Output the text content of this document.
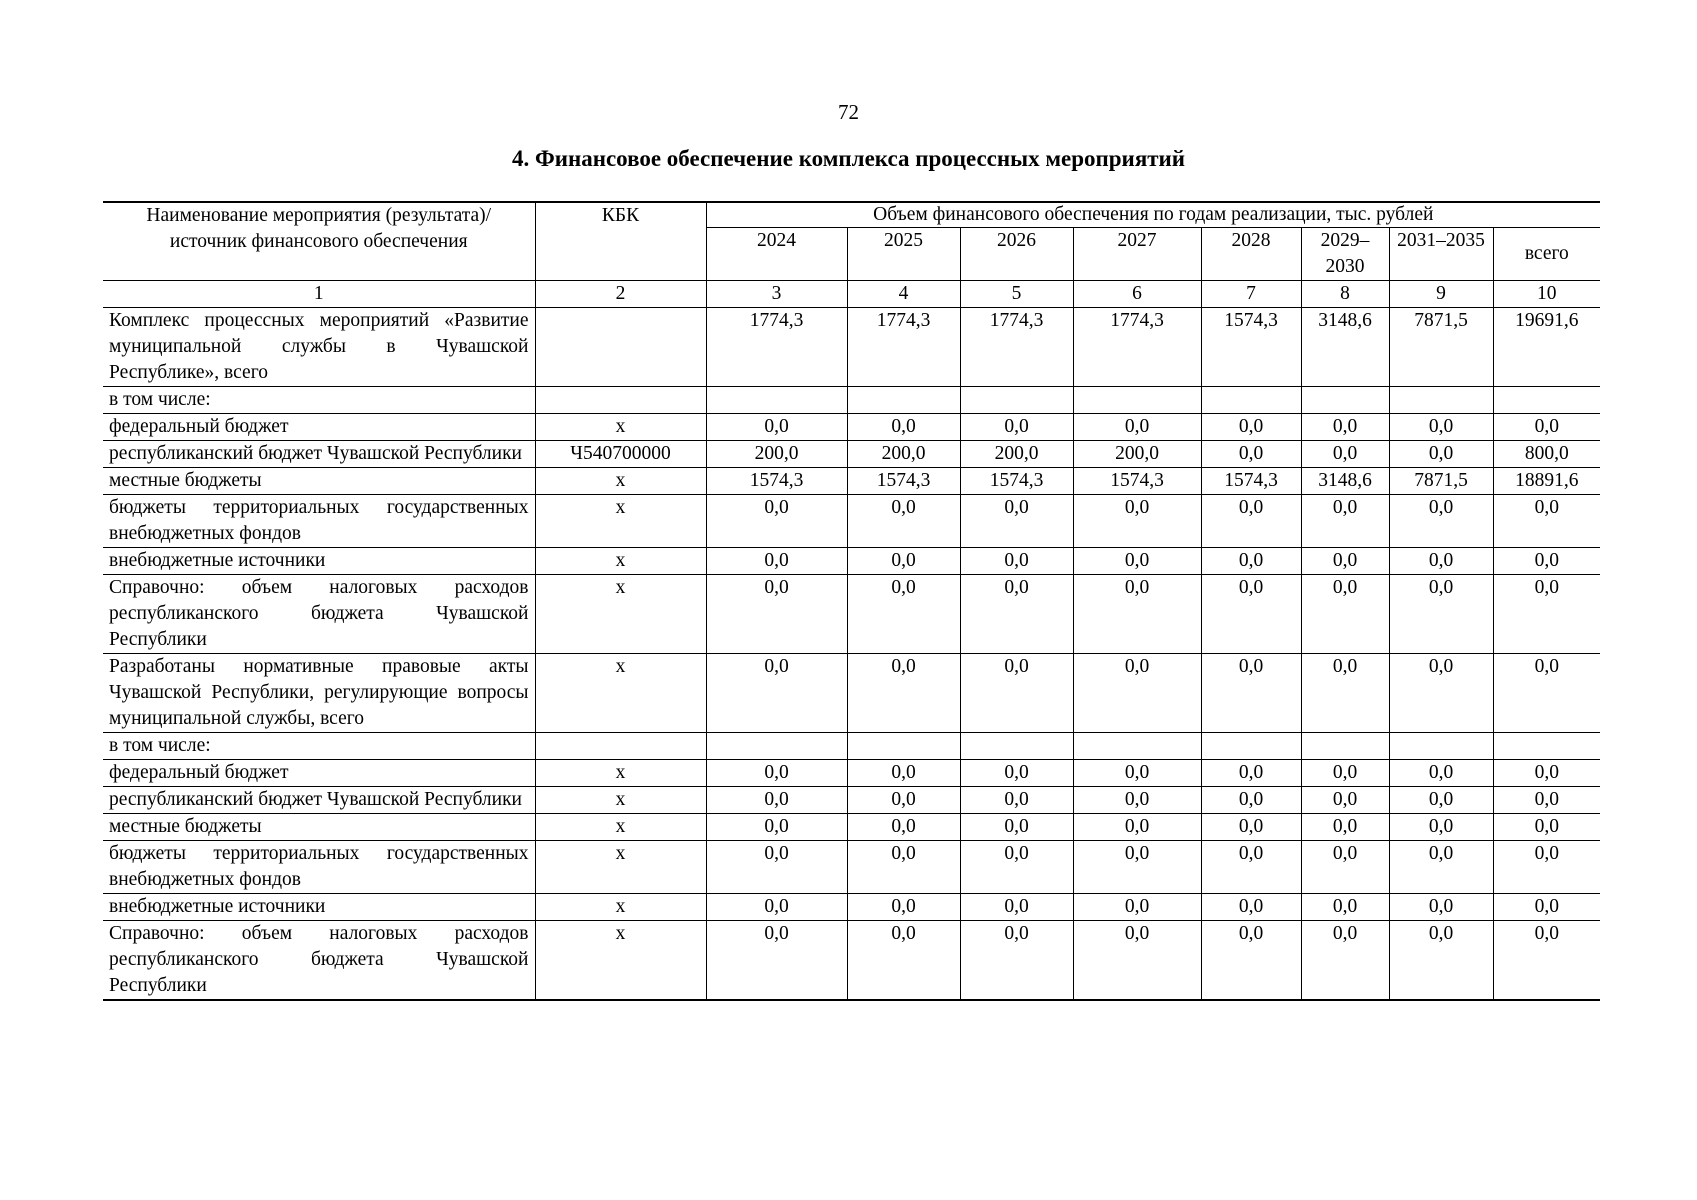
72
4. Финансовое обеспечение комплекса процессных мероприятий
Наименование мероприятия (результата)/источник финансового обеспечения	КБК	Объем финансового обеспечения по годам реализации, тыс. рублей							
		2024	2025	2026	2027	2028	2029–2030	2031–2035	всего
1	2	3	4	5	6	7	8	9	10
Комплекс процессных мероприятий «Развитие муниципальной службы в Чувашской Республике», всего		1774,3	1774,3	1774,3	1774,3	1574,3	3148,6	7871,5	19691,6
в том числе:									
федеральный бюджет	х	0,0	0,0	0,0	0,0	0,0	0,0	0,0	0,0
республиканский бюджет Чувашской Республики	Ч540700000	200,0	200,0	200,0	200,0	0,0	0,0	0,0	800,0
местные бюджеты	х	1574,3	1574,3	1574,3	1574,3	1574,3	3148,6	7871,5	18891,6
бюджеты территориальных государственных внебюджетных фондов	х	0,0	0,0	0,0	0,0	0,0	0,0	0,0	0,0
внебюджетные источники	х	0,0	0,0	0,0	0,0	0,0	0,0	0,0	0,0
Справочно: объем налоговых расходов республиканского бюджета Чувашской Республики	х	0,0	0,0	0,0	0,0	0,0	0,0	0,0	0,0
Разработаны нормативные правовые акты Чувашской Республики, регулирующие вопросы муниципальной службы, всего	х	0,0	0,0	0,0	0,0	0,0	0,0	0,0	0,0
в том числе:									
федеральный бюджет	х	0,0	0,0	0,0	0,0	0,0	0,0	0,0	0,0
республиканский бюджет Чувашской Республики	х	0,0	0,0	0,0	0,0	0,0	0,0	0,0	0,0
местные бюджеты	х	0,0	0,0	0,0	0,0	0,0	0,0	0,0	0,0
бюджеты территориальных государственных внебюджетных фондов	х	0,0	0,0	0,0	0,0	0,0	0,0	0,0	0,0
внебюджетные источники	х	0,0	0,0	0,0	0,0	0,0	0,0	0,0	0,0
Справочно: объем налоговых расходов республиканского бюджета Чувашской Республики	х	0,0	0,0	0,0	0,0	0,0	0,0	0,0	0,0
